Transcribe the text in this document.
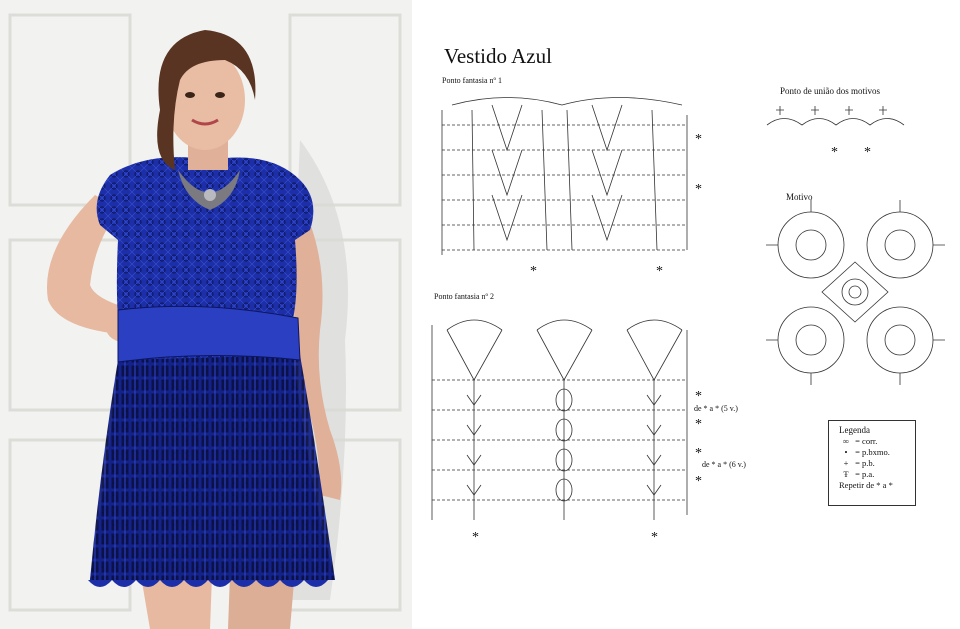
*
*
*	*
*
*
*
*
*	*
* *
Vestido Azul
Ponto fantasia nº 1
Ponto fantasia nº 2
Ponto de união dos motivos
Motivo
de * a * (5 v.)
de * a * (6 v.)
Legenda
∞ = corr.
• = p.bxmo.
+ = p.b.
Ŧ = p.a.
Repetir de * a *
